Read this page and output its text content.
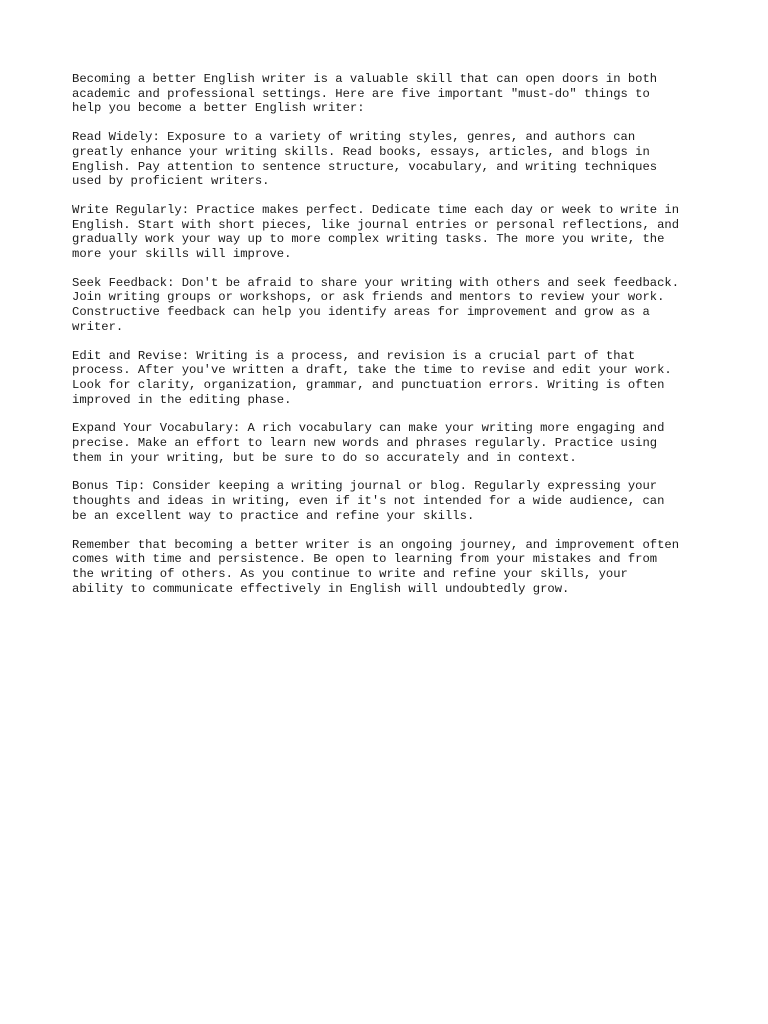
Becoming a better English writer is a valuable skill that can open doors in both
academic and professional settings. Here are five important "must-do" things to
help you become a better English writer:

Read Widely: Exposure to a variety of writing styles, genres, and authors can
greatly enhance your writing skills. Read books, essays, articles, and blogs in
English. Pay attention to sentence structure, vocabulary, and writing techniques
used by proficient writers.

Write Regularly: Practice makes perfect. Dedicate time each day or week to write in
English. Start with short pieces, like journal entries or personal reflections, and
gradually work your way up to more complex writing tasks. The more you write, the
more your skills will improve.

Seek Feedback: Don't be afraid to share your writing with others and seek feedback.
Join writing groups or workshops, or ask friends and mentors to review your work.
Constructive feedback can help you identify areas for improvement and grow as a
writer.

Edit and Revise: Writing is a process, and revision is a crucial part of that
process. After you've written a draft, take the time to revise and edit your work.
Look for clarity, organization, grammar, and punctuation errors. Writing is often
improved in the editing phase.

Expand Your Vocabulary: A rich vocabulary can make your writing more engaging and
precise. Make an effort to learn new words and phrases regularly. Practice using
them in your writing, but be sure to do so accurately and in context.

Bonus Tip: Consider keeping a writing journal or blog. Regularly expressing your
thoughts and ideas in writing, even if it's not intended for a wide audience, can
be an excellent way to practice and refine your skills.

Remember that becoming a better writer is an ongoing journey, and improvement often
comes with time and persistence. Be open to learning from your mistakes and from
the writing of others. As you continue to write and refine your skills, your
ability to communicate effectively in English will undoubtedly grow.
